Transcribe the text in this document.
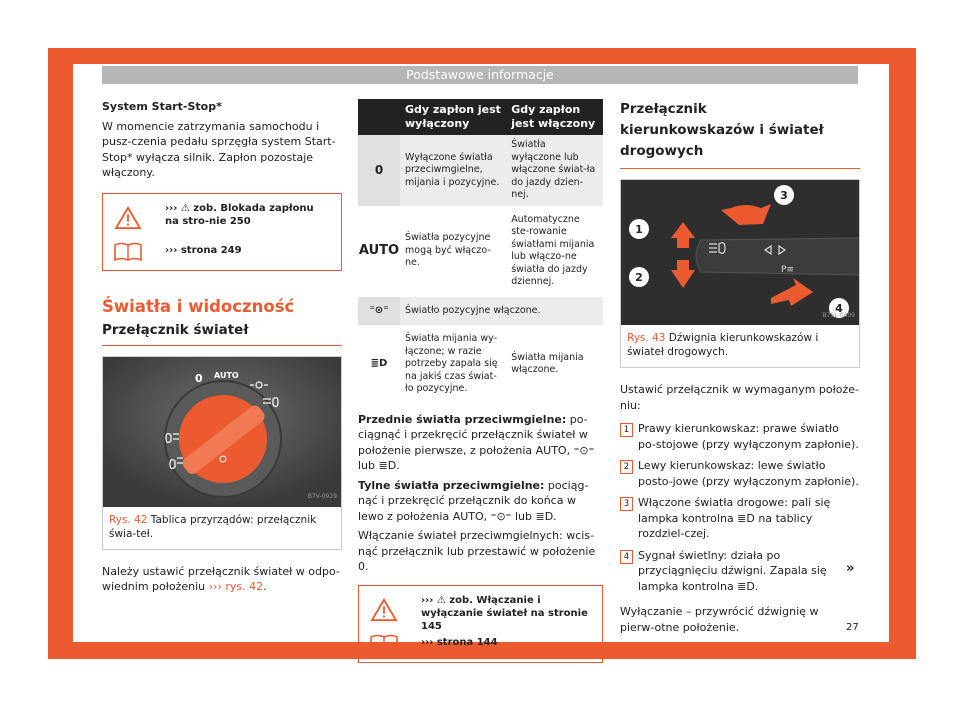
Podstawowe informacje

System Start-Stop*

W momencie zatrzymania samochodu i pusz-czenia pedału sprzęgła system Start-Stop* wyłącza silnik. Zapłon pozostaje włączony.

››› ⚠ zob. Blokada zapłonu na stro-nie 250
››› strona 249

Światła i widoczność

Przełącznik świateł

0 AUTO
B7V-0929
Rys. 42 Tablica przyrządów: przełącznik świa-teł.

Należy ustawić przełącznik świateł w odpo-wiednim położeniu ››› rys. 42.

	Gdy zapłon jest wyłączony	Gdy zapłon jest włączony
0	Wyłączone światła przeciwmgielne, mijania i pozycyjne.	Światła wyłączone lub włączone świat-ła do jazdy dzien-nej.
AUTO	Światła pozycyjne mogą być włączo-ne.	Automatyczne ste-rowanie światłami mijania lub włączo-ne światła do jazdy dziennej.
⁼⊙⁼	Światło pozycyjne włączone.	
≣D	Światła mijania wy-łączone; w razie potrzeby zapala się na jakiś czas świat-ło pozycyjne.	Światła mijania włączone.

Przednie światła przeciwmgielne: po-ciągnąć i przekręcić przełącznik świateł w położenie pierwsze, z położenia AUTO, ⁼⊙⁼ lub ≣D.

Tylne światła przeciwmgielne: pociąg-nąć i przekręcić przełącznik do końca w lewo z położenia AUTO, ⁼⊙⁼ lub ≣D.

Włączanie świateł przeciwmgielnych: wcis-nąć przełącznik lub przestawić w położenie 0.

››› ⚠ zob. Włączanie i wyłączanie świateł na stronie 145
››› strona 144

Przełącznik kierunkowskazów i świateł drogowych

1
2
3
4
P≡
B7SL-0409
Rys. 43 Dźwignia kierunkowskazów i świateł drogowych.

Ustawić przełącznik w wymaganym położe-niu:

1 Prawy kierunkowskaz: prawe światło po-stojowe (przy wyłączonym zapłonie).
2 Lewy kierunkowskaz: lewe światło posto-jowe (przy wyłączonym zapłonie).
3 Włączone światła drogowe: pali się lampka kontrolna ≣D na tablicy rozdziel-czej.
4 Sygnał świetlny: działa po przyciągnięciu dźwigni. Zapala się lampka kontrolna ≣D.

Wyłączanie – przywrócić dźwignię w pierw-otne położenie.

»
27
